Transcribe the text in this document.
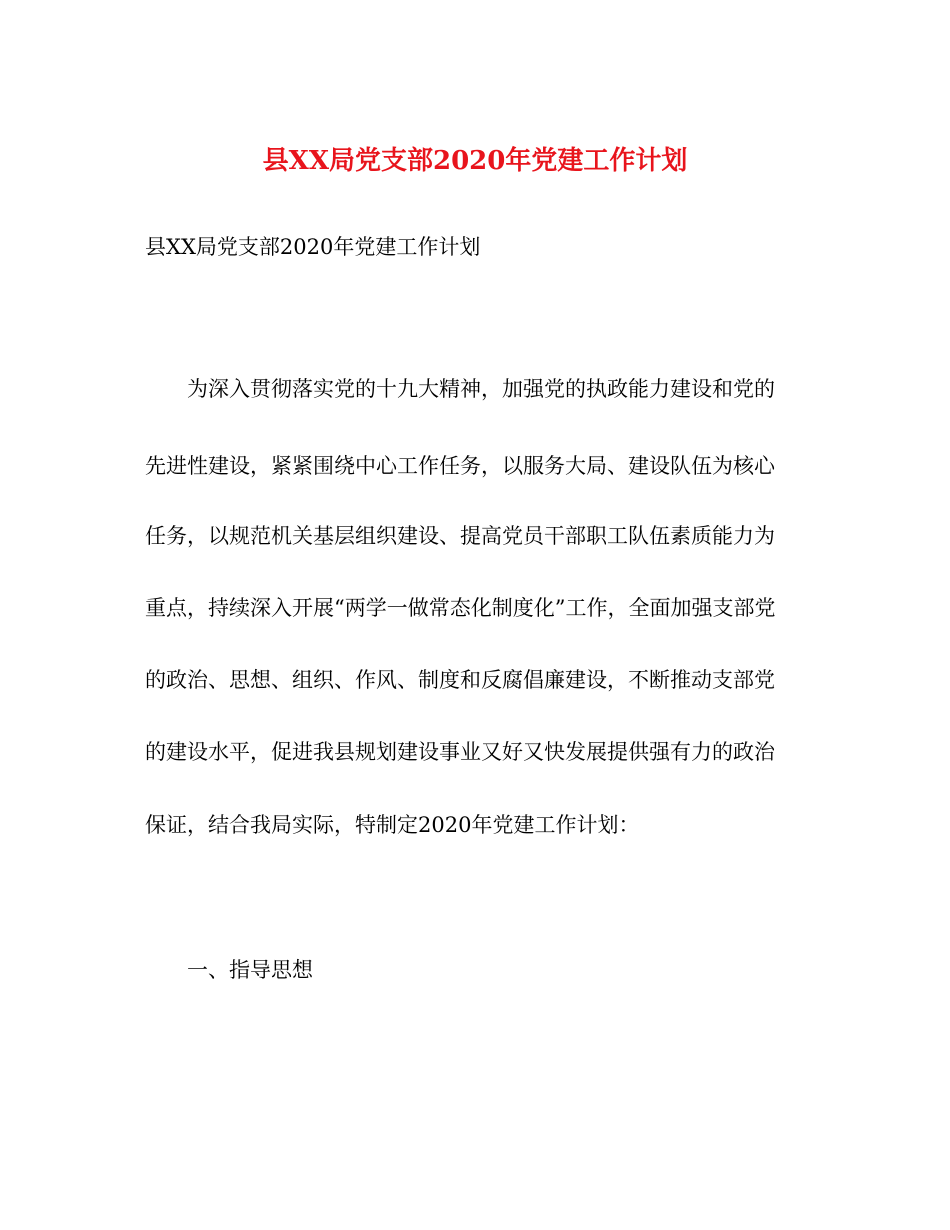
县XX局党支部2020年党建工作计划

县XX局党支部2020年党建工作计划

为深入贯彻落实党的十九大精神，加强党的执政能力建设和党的

先进性建设，紧紧围绕中心工作任务，以服务大局、建设队伍为核心

任务，以规范机关基层组织建设、提高党员干部职工队伍素质能力为

重点，持续深入开展“两学一做常态化制度化”工作，全面加强支部党

的政治、思想、组织、作风、制度和反腐倡廉建设，不断推动支部党

的建设水平，促进我县规划建设事业又好又快发展提供强有力的政治

保证，结合我局实际，特制定2020年党建工作计划：

一、指导思想
